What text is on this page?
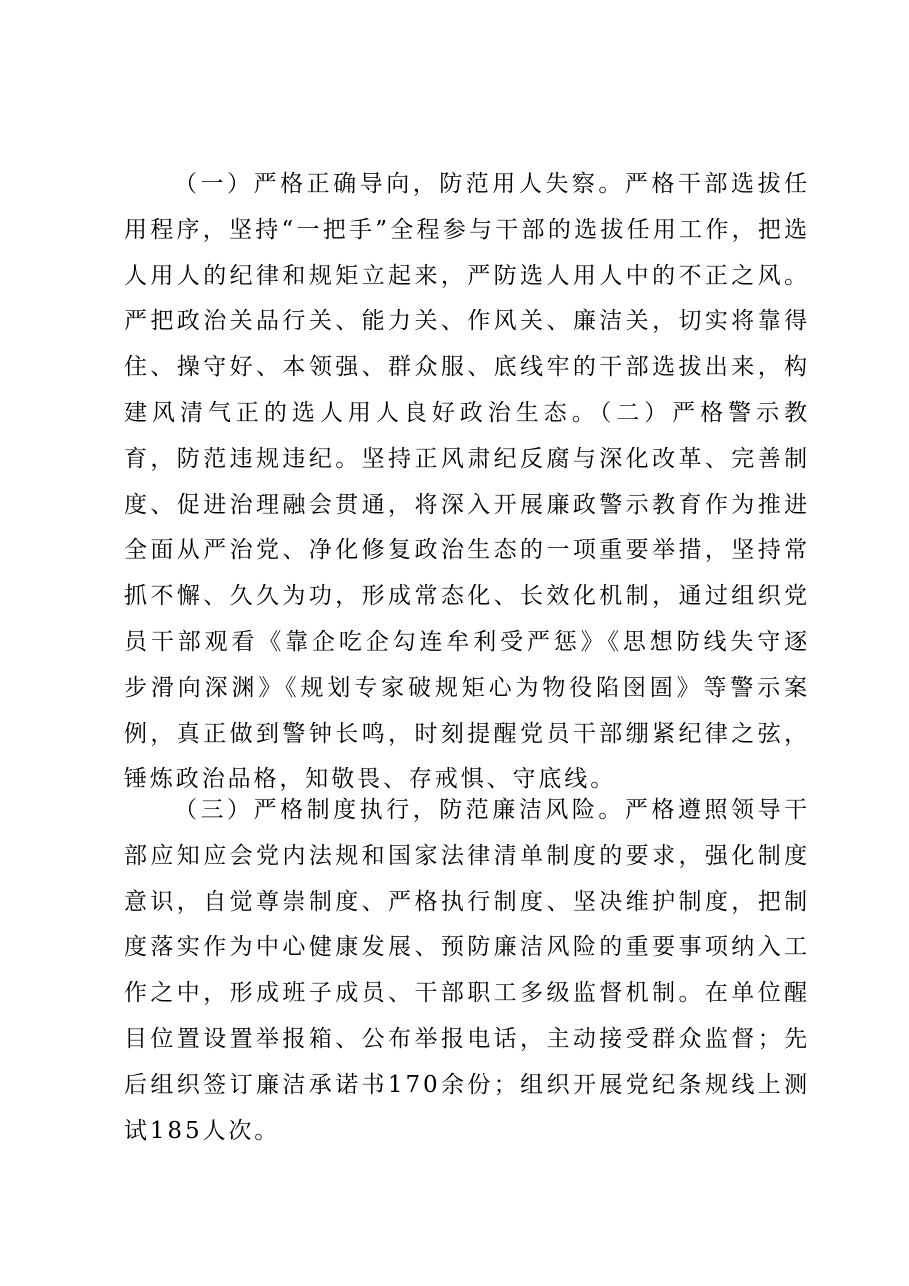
（一）严格正确导向，防范用人失察。严格干部选拔任用程序，坚持“一把手”全程参与干部的选拔任用工作，把选人用人的纪律和规矩立起来，严防选人用人中的不正之风。严把政治关品行关、能力关、作风关、廉洁关，切实将靠得住、操守好、本领强、群众服、底线牢的干部选拔出来，构建风清气正的选人用人良好政治生态。（二）严格警示教育，防范违规违纪。坚持正风肃纪反腐与深化改革、完善制度、促进治理融会贯通，将深入开展廉政警示教育作为推进全面从严治党、净化修复政治生态的一项重要举措，坚持常抓不懈、久久为功，形成常态化、长效化机制，通过组织党员干部观看《靠企吃企勾连牟利受严惩》《思想防线失守逐步滑向深渊》《规划专家破规矩心为物役陷囹圄》等警示案例，真正做到警钟长鸣，时刻提醒党员干部绷紧纪律之弦，锤炼政治品格，知敬畏、存戒惧、守底线。

（三）严格制度执行，防范廉洁风险。严格遵照领导干部应知应会党内法规和国家法律清单制度的要求，强化制度意识，自觉尊崇制度、严格执行制度、坚决维护制度，把制度落实作为中心健康发展、预防廉洁风险的重要事项纳入工作之中，形成班子成员、干部职工多级监督机制。在单位醒目位置设置举报箱、公布举报电话，主动接受群众监督；先后组织签订廉洁承诺书170余份；组织开展党纪条规线上测试185人次。
